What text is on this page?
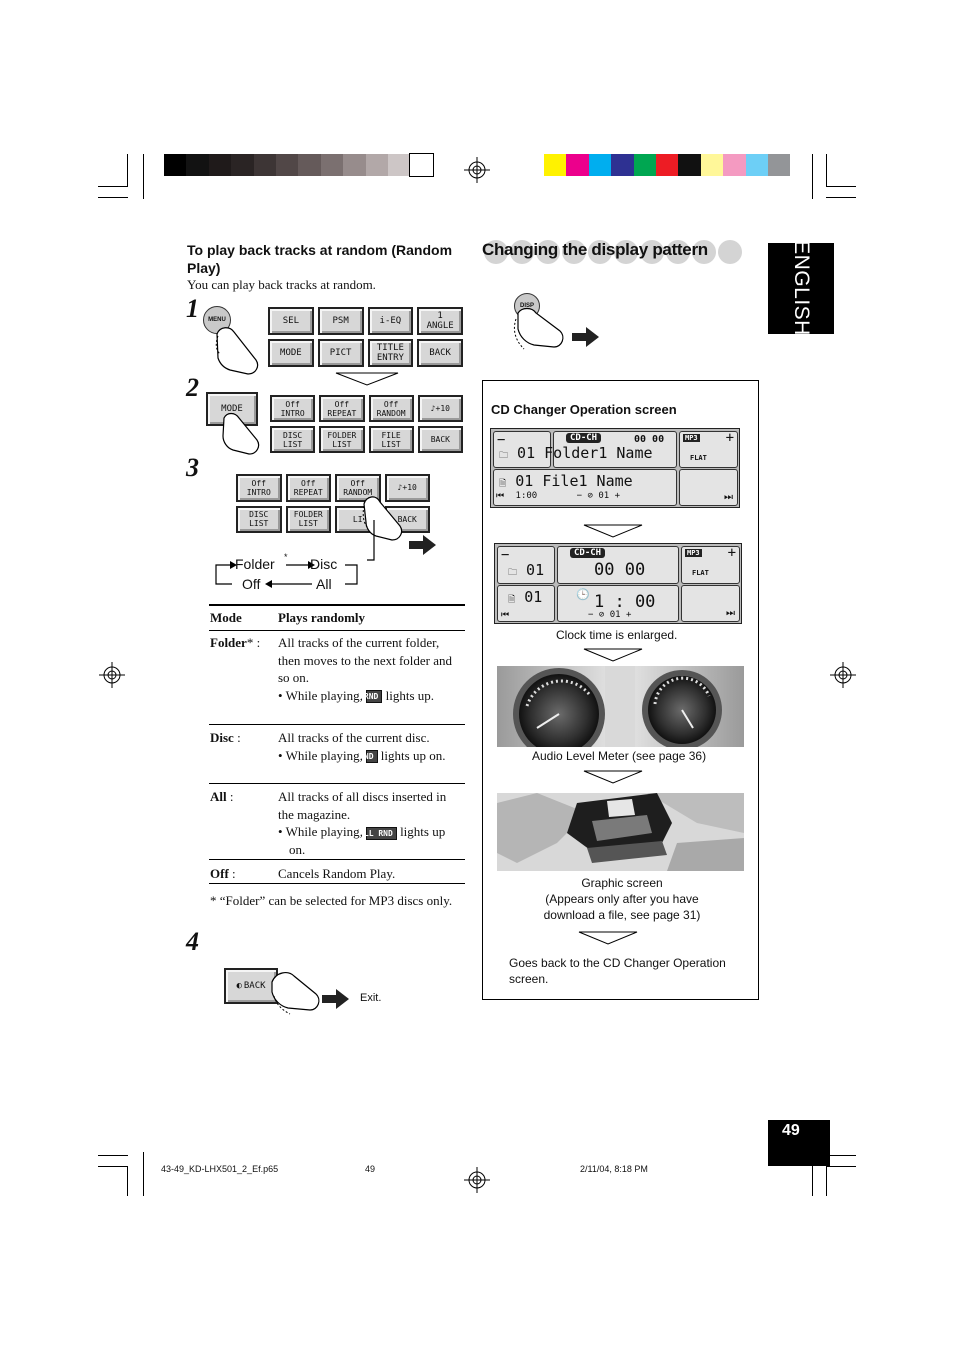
ENGLISH
To play back tracks at random (Random Play)
You can play back tracks at random.
1
2
3
4
MENU	SEL	PSM	i-EQ	1
ANGLE
MODE	PICT	TITLE
ENTRY	BACK
MODE	Off
INTRO
Off
REPEAT
Off
RANDOM	♪+10
DISC
LIST
FOLDER
LIST
FILE
LIST	BACK
Off
INTRO
Off
REPEAT
Off
RANDOM	♪+10
DISC
LIST
FOLDER
LIST	LI	BACK
Folder * Disc
Off	All
Mode	Plays randomly
Folder* :	All tracks of the current folder, then moves to the next folder and so on.
• While playing, FRND lights up.
Disc :	All tracks of the current disc.
• While playing, RND lights up on.
All :	All tracks of all discs inserted in the magazine.
• While playing, ALL RND lights up on.
Off :	Cancels Random Play.
* “Folder” can be selected for MP3 discs only.
◐ BACK
Exit.
Changing the display pattern
DISP
CD Changer Operation screen
−	CD-CH	00 00	MP3 +
FLAT
🗀 01 Folder1 Name
⏭
🗎 01 File1 Name
⏮ 1:00	− ⊘ 01 +
−
🗀 01
CD-CH
00 00
MP3 +
FLAT
🗎 01
⏮
🕒 1 : 00
− ⊘ 01 +	⏭
Clock time is enlarged.
Audio Level Meter (see page 36)
Graphic screen
(Appears only after you have
download a file, see page 31)
Goes back to the CD Changer Operation screen.
49
43-49_KD-LHX501_2_Ef.p65	49	2/11/04, 8:18 PM
